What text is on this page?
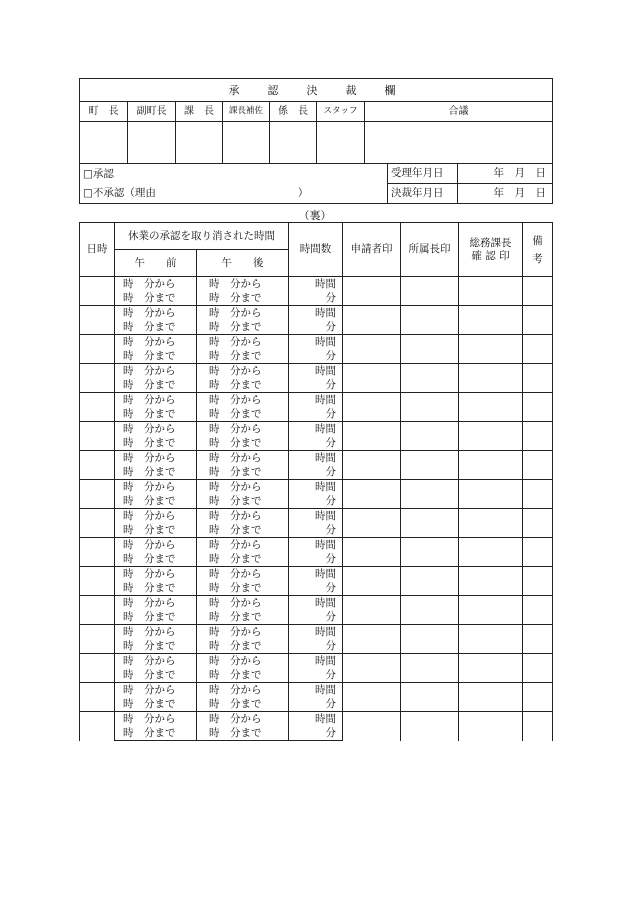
承認決裁欄								
町　長	副町長	課　長	課長補佐	係　長	スタッフ	合議		

□承認							受理年月日	年　月　日
□不承認（理由 ）							決裁年月日	年　月　日
（裏）
日時	休業の承認を取り消された時間		時間数	申請者印	所属長印	総務課長
確 認 印	備
考
	午　　前	午　　後					
	時　分から	時　分から	時間				
	時　分まで	時　分まで	分				
	時　分から	時　分から	時間				
	時　分まで	時　分まで	分				
	時　分から	時　分から	時間				
	時　分まで	時　分まで	分				
	時　分から	時　分から	時間				
	時　分まで	時　分まで	分				
	時　分から	時　分から	時間				
	時　分まで	時　分まで	分				
	時　分から	時　分から	時間				
	時　分まで	時　分まで	分				
	時　分から	時　分から	時間				
	時　分まで	時　分まで	分				
	時　分から	時　分から	時間				
	時　分まで	時　分まで	分				
	時　分から	時　分から	時間				
	時　分まで	時　分まで	分				
	時　分から	時　分から	時間				
	時　分まで	時　分まで	分				
	時　分から	時　分から	時間				
	時　分まで	時　分まで	分				
	時　分から	時　分から	時間				
	時　分まで	時　分まで	分				
	時　分から	時　分から	時間				
	時　分まで	時　分まで	分				
	時　分から	時　分から	時間				
	時　分まで	時　分まで	分				
	時　分から	時　分から	時間				
	時　分まで	時　分まで	分				
	時　分から	時　分から	時間				
	時　分まで	時　分まで	分				
